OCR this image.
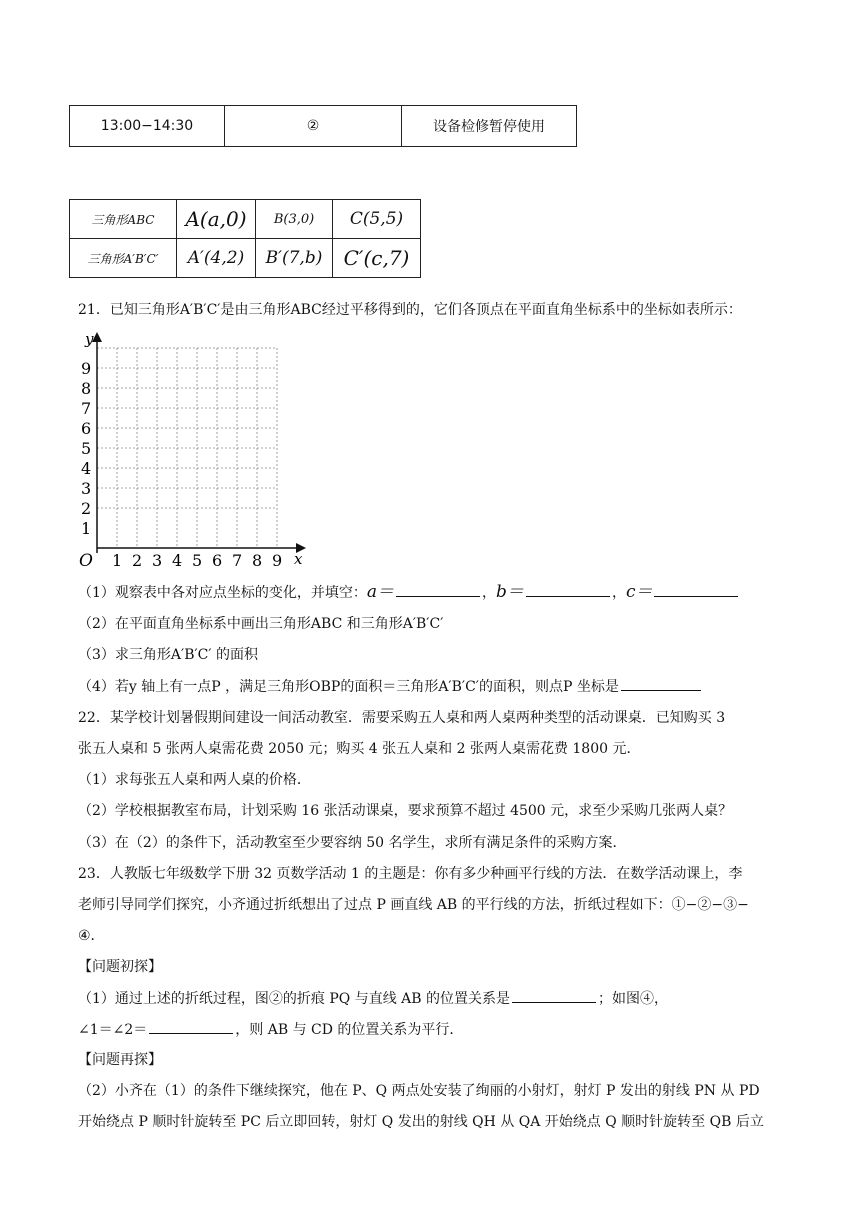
13:00−14:30	②	设备检修暂停使用
三角形ABC	A(a,0)	B(3,0)	C(5,5)
三角形A′B′C′	A′(4,2)	B′(7,b)	C′(c,7)
21．已知三角形A′B′C′是由三角形ABC经过平移得到的，它们各顶点在平面直角坐标系中的坐标如表所示：
y
x
O
1
2
3
4
5
6
7
8
9
1 2 3 4 5 6 7 8 9
（1）观察表中各对应点坐标的变化，并填空：a＝	，b＝	，c＝
（2）在平面直角坐标系中画出三角形ABC 和三角形A′B′C′
（3）求三角形A′B′C′ 的面积
（4）若y 轴上有一点P ，满足三角形OBP的面积＝三角形A′B′C′的面积，则点P 坐标是
22．某学校计划暑假期间建设一间活动教室．需要采购五人桌和两人桌两种类型的活动课桌．已知购买 3
张五人桌和 5 张两人桌需花费 2050 元；购买 4 张五人桌和 2 张两人桌需花费 1800 元．
（1）求每张五人桌和两人桌的价格．
（2）学校根据教室布局，计划采购 16 张活动课桌，要求预算不超过 4500 元，求至少采购几张两人桌？
（3）在（2）的条件下，活动教室至少要容纳 50 名学生，求所有满足条件的采购方案．
23．人教版七年级数学下册 32 页数学活动 1 的主题是：你有多少种画平行线的方法．在数学活动课上，李
老师引导同学们探究，小齐通过折纸想出了过点 P 画直线 AB 的平行线的方法，折纸过程如下：①−②−③−
④．
【问题初探】
（1）通过上述的折纸过程，图②的折痕 PQ 与直线 AB 的位置关系是	；如图④，
∠1＝∠2＝	，则 AB 与 CD 的位置关系为平行．
【问题再探】
（2）小齐在（1）的条件下继续探究，他在 P、Q 两点处安装了绚丽的小射灯，射灯 P 发出的射线 PN 从 PD
开始绕点 P 顺时针旋转至 PC 后立即回转，射灯 Q 发出的射线 QH 从 QA 开始绕点 Q 顺时针旋转至 QB 后立
